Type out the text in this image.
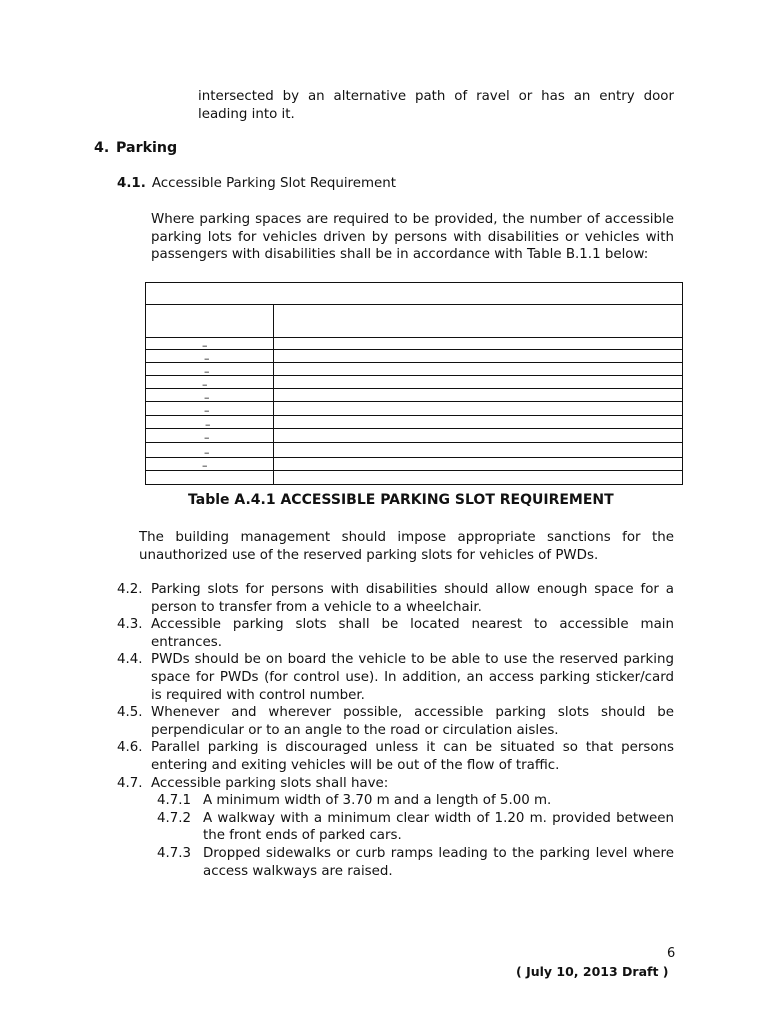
intersected by an alternative path of ravel or has an entry door leading into it.
4. Parking
4.1. Accessible Parking Slot Requirement
Where parking spaces are required to be provided, the number of accessible parking lots for vehicles driven by persons with disabilities or vehicles with passengers with disabilities shall be in accordance with Table B.1.1 below:
–
–
–
–
–
–
–
–
–
–
Table A.4.1 ACCESSIBLE PARKING SLOT REQUIREMENT
The building management should impose appropriate sanctions for the unauthorized use of the reserved parking slots for vehicles of PWDs.
4.2. Parking slots for persons with disabilities should allow enough space for a person to transfer from a vehicle to a wheelchair.
4.3. Accessible parking slots shall be located nearest to accessible main entrances.
4.4. PWDs should be on board the vehicle to be able to use the reserved parking space for PWDs (for control use). In addition, an access parking sticker/card is required with control number.
4.5. Whenever and wherever possible, accessible parking slots should be perpendicular or to an angle to the road or circulation aisles.
4.6. Parallel parking is discouraged unless it can be situated so that persons entering and exiting vehicles will be out of the flow of traffic.
4.7. Accessible parking slots shall have:
4.7.1 A minimum width of 3.70 m and a length of 5.00 m.
4.7.2 A walkway with a minimum clear width of 1.20 m. provided between the front ends of parked cars.
4.7.3 Dropped sidewalks or curb ramps leading to the parking level where access walkways are raised.
6
( July 10, 2013 Draft )
